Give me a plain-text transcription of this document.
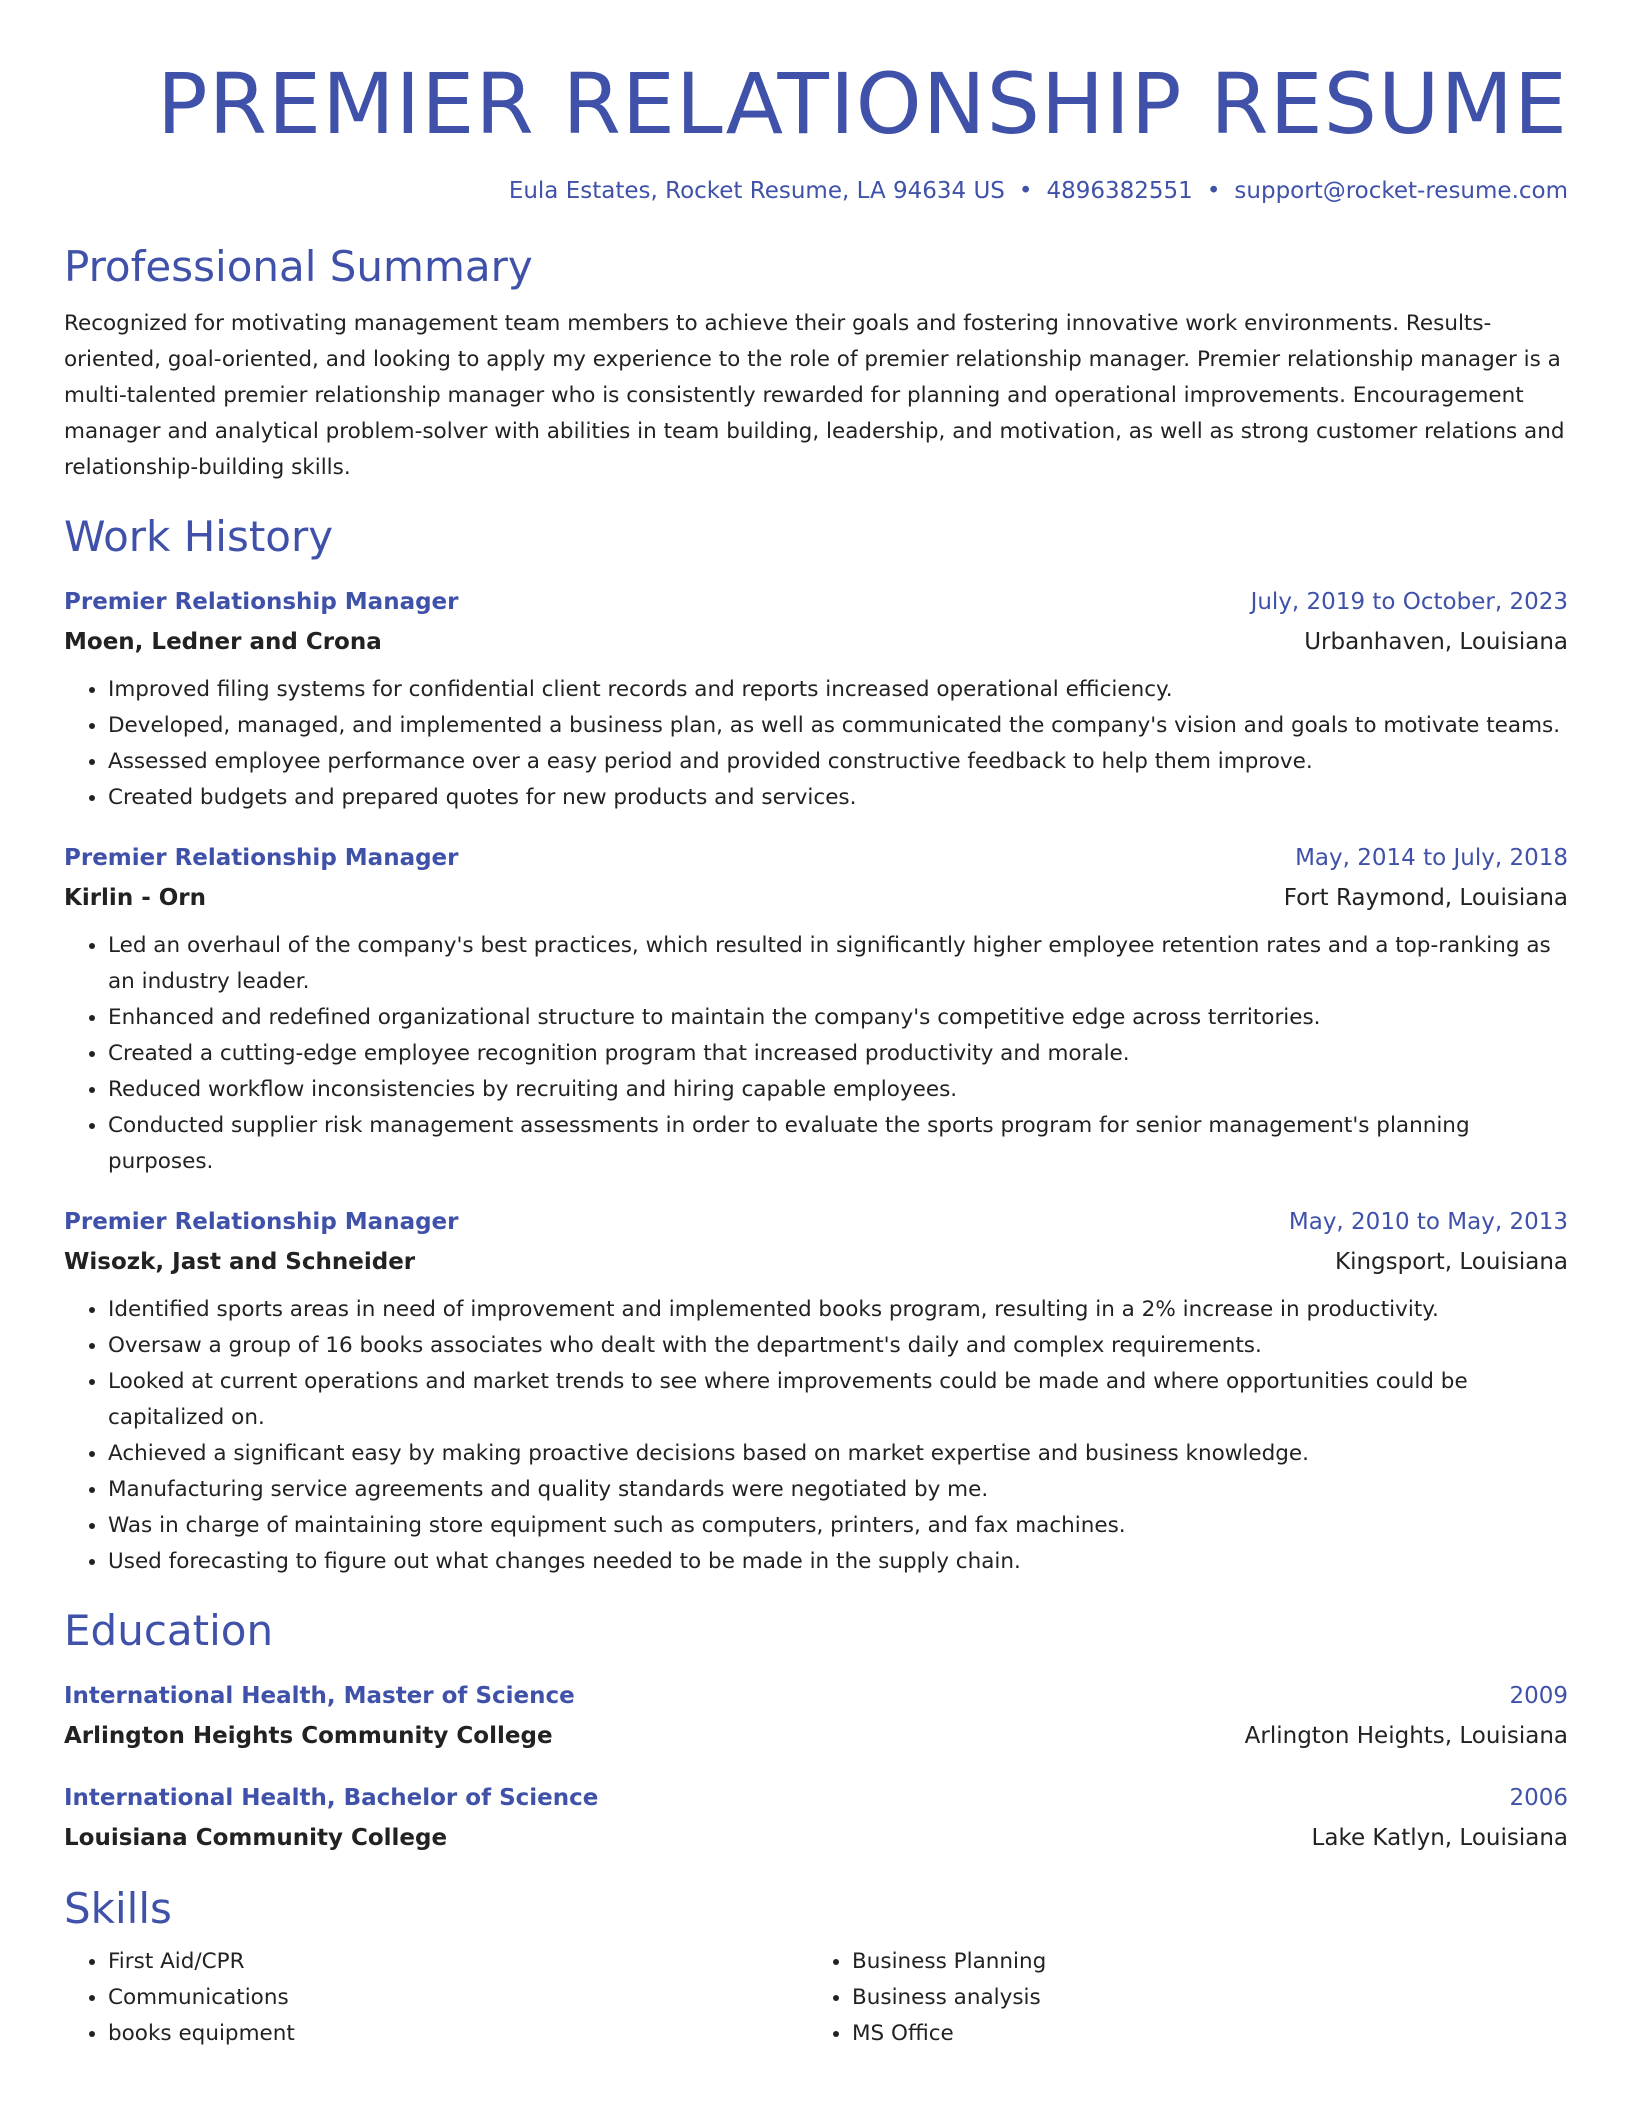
PREMIER RELATIONSHIP RESUME
Eula Estates, Rocket Resume, LA 94634 US • 4896382551 • support@rocket-resume.com
Professional Summary
Recognized for motivating management team members to achieve their goals and fostering innovative work environments. Results-oriented, goal-oriented, and looking to apply my experience to the role of premier relationship manager. Premier relationship manager is a multi-talented premier relationship manager who is consistently rewarded for planning and operational improvements. Encouragement manager and analytical problem-solver with abilities in team building, leadership, and motivation, as well as strong customer relations and relationship-building skills.
Work History
Premier Relationship Manager	July, 2019 to October, 2023
Moen, Ledner and Crona	Urbanhaven, Louisiana
• Improved filing systems for confidential client records and reports increased operational efficiency.
• Developed, managed, and implemented a business plan, as well as communicated the company's vision and goals to motivate teams.
• Assessed employee performance over a easy period and provided constructive feedback to help them improve.
• Created budgets and prepared quotes for new products and services.
Premier Relationship Manager	May, 2014 to July, 2018
Kirlin - Orn	Fort Raymond, Louisiana
• Led an overhaul of the company's best practices, which resulted in significantly higher employee retention rates and a top-ranking as an industry leader.
• Enhanced and redefined organizational structure to maintain the company's competitive edge across territories.
• Created a cutting-edge employee recognition program that increased productivity and morale.
• Reduced workflow inconsistencies by recruiting and hiring capable employees.
• Conducted supplier risk management assessments in order to evaluate the sports program for senior management's planning purposes.
Premier Relationship Manager	May, 2010 to May, 2013
Wisozk, Jast and Schneider	Kingsport, Louisiana
• Identified sports areas in need of improvement and implemented books program, resulting in a 2% increase in productivity.
• Oversaw a group of 16 books associates who dealt with the department's daily and complex requirements.
• Looked at current operations and market trends to see where improvements could be made and where opportunities could be capitalized on.
• Achieved a significant easy by making proactive decisions based on market expertise and business knowledge.
• Manufacturing service agreements and quality standards were negotiated by me.
• Was in charge of maintaining store equipment such as computers, printers, and fax machines.
• Used forecasting to figure out what changes needed to be made in the supply chain.
Education
International Health, Master of Science	2009
Arlington Heights Community College	Arlington Heights, Louisiana
International Health, Bachelor of Science	2006
Louisiana Community College	Lake Katlyn, Louisiana
Skills
• First Aid/CPR
• Communications
• books equipment
• Business Planning
• Business analysis
• MS Office
